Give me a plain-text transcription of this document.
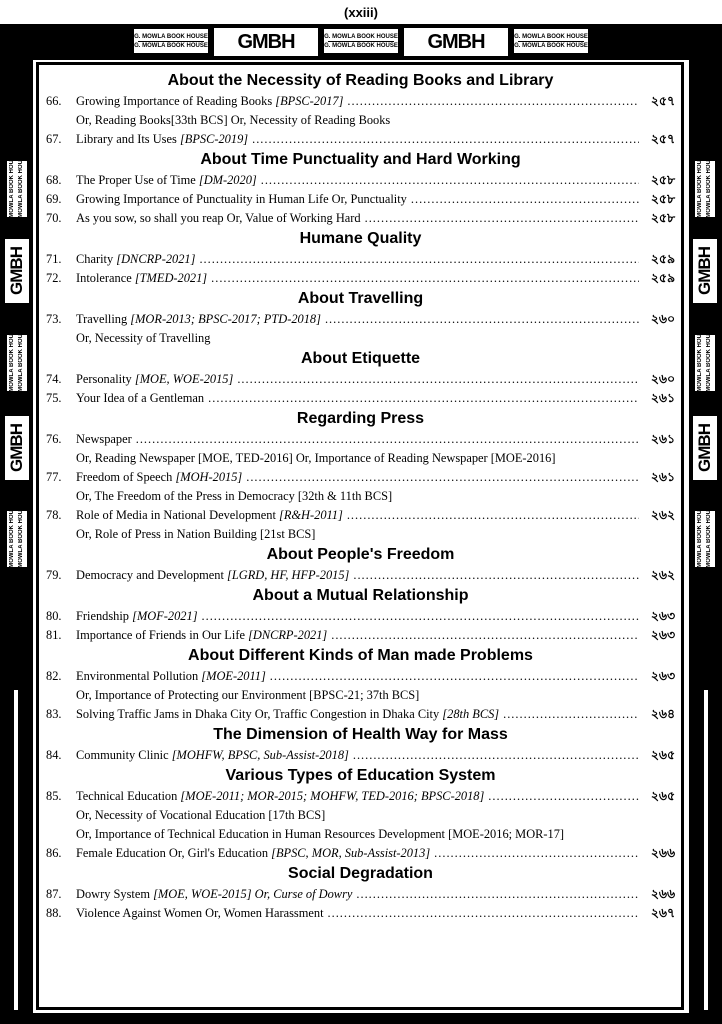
(xxiii)
G. MOWLA BOOK HOUSE
G. MOWLA BOOK HOUSE	GMBH	G. MOWLA BOOK HOUSE
G. MOWLA BOOK HOUSE	GMBH	G. MOWLA BOOK HOUSE
G. MOWLA BOOK HOUSE
G. MOWLA BOOK HOUSE G. MOWLA BOOK HOUSE
GMBH
G. MOWLA BOOK HOUSE G. MOWLA BOOK HOUSE
GMBH
G. MOWLA BOOK HOUSE G. MOWLA BOOK HOUSE
G. MOWLA BOOK HOUSE G. MOWLA BOOK HOUSE
GMBH
G. MOWLA BOOK HOUSE G. MOWLA BOOK HOUSE
GMBH
G. MOWLA BOOK HOUSE G. MOWLA BOOK HOUSE
About the Necessity of Reading Books and Library
66.	Growing Importance of Reading Books [BPSC-2017] .....	২৫৭
Or, Reading Books[33th BCS] Or, Necessity of Reading Books
67.	Library and Its Uses [BPSC-2019] .....	২৫৭
About Time Punctuality and Hard Working
68.	The Proper Use of Time [DM-2020] .....	২৫৮
69.	Growing Importance of Punctuality in Human Life Or, Punctuality .....	২৫৮
70.	As you sow, so shall you reap Or, Value of Working Hard .....	২৫৮
Humane Quality
71.	Charity [DNCRP-2021] .....	২৫৯
72.	Intolerance [TMED-2021] .....	২৫৯
About Travelling
73.	Travelling [MOR-2013; BPSC-2017; PTD-2018] .....	২৬০
Or, Necessity of Travelling
About Etiquette
74.	Personality [MOE, WOE-2015] .....	২৬০
75.	Your Idea of a Gentleman .....	২৬১
Regarding Press
76.	Newspaper .....	২৬১
Or, Reading Newspaper [MOE, TED-2016] Or, Importance of Reading Newspaper [MOE-2016]
77.	Freedom of Speech [MOH-2015] .....	২৬১
Or, The Freedom of the Press in Democracy [32th & 11th BCS]
78.	Role of Media in National Development [R&H-2011] .....	২৬২
Or, Role of Press in Nation Building [21st BCS]
About People's Freedom
79.	Democracy and Development [LGRD, HF, HFP-2015] .....	২৬২
About a Mutual Relationship
80.	Friendship [MOF-2021] .....	২৬৩
81.	Importance of Friends in Our Life [DNCRP-2021] .....	২৬৩
About Different Kinds of Man made Problems
82.	Environmental Pollution [MOE-2011] .....	২৬৩
Or, Importance of Protecting our Environment [BPSC-21; 37th BCS]
83.	Solving Traffic Jams in Dhaka City Or, Traffic Congestion in Dhaka City [28th BCS] .....	২৬৪
The Dimension of Health Way for Mass
84.	Community Clinic [MOHFW, BPSC, Sub-Assist-2018] .....	২৬৫
Various Types of Education System
85.	Technical Education [MOE-2011; MOR-2015; MOHFW, TED-2016; BPSC-2018] .....	২৬৫
Or, Necessity of Vocational Education [17th BCS]
Or, Importance of Technical Education in Human Resources Development [MOE-2016; MOR-17]
86.	Female Education Or, Girl's Education [BPSC, MOR, Sub-Assist-2013] .....	২৬৬
Social Degradation
87.	Dowry System [MOE, WOE-2015] Or, Curse of Dowry .....	২৬৬
88.	Violence Against Women Or, Women Harassment .....	২৬৭
